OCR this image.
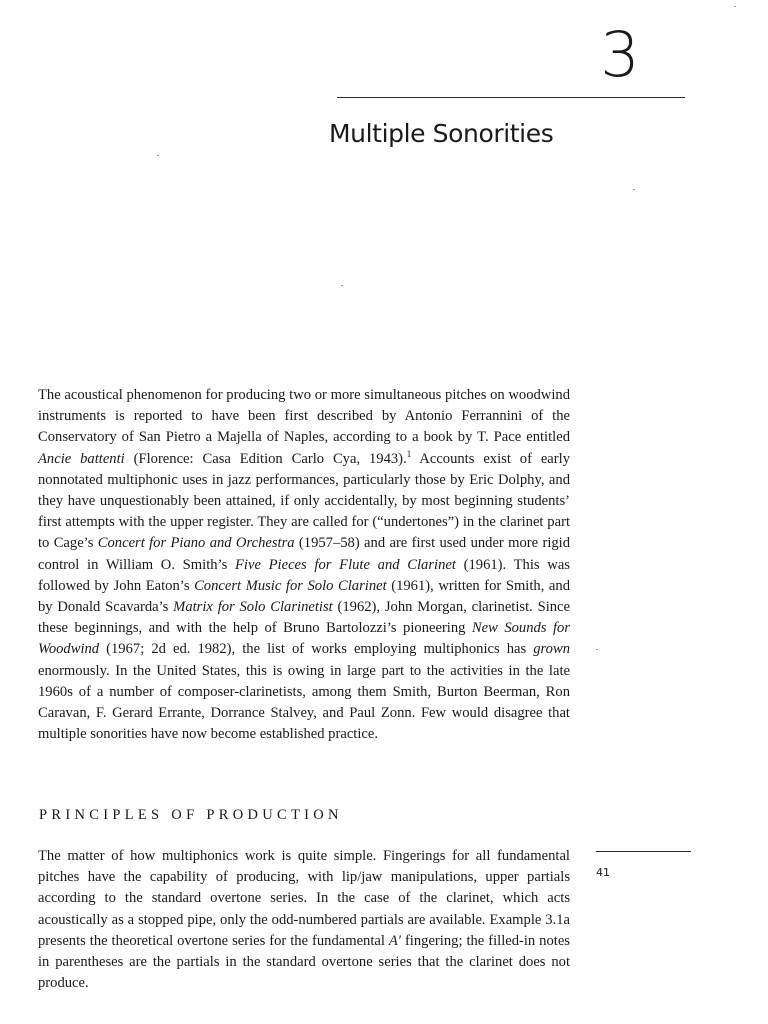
3
Multiple Sonorities

The acoustical phenomenon for producing two or more simultaneous pitches on woodwind instruments is reported to have been first described by Antonio Ferrannini of the Conservatory of San Pietro a Majella of Naples, according to a book by T. Pace entitled Ancie battenti (Florence: Casa Edition Carlo Cya, 1943).$^1$ Accounts exist of early nonnotated multiphonic uses in jazz performances, particularly those by Eric Dolphy, and they have unquestionably been attained, if only accidentally, by most beginning students’ first attempts with the upper register. They are called for (“undertones”) in the clarinet part to Cage’s Concert for Piano and Orchestra (1957–58) and are first used under more rigid control in William O. Smith’s Five Pieces for Flute and Clarinet (1961). This was followed by John Eaton’s Concert Music for Solo Clarinet (1961), written for Smith, and by Donald Scavarda’s Matrix for Solo Clarinetist (1962), John Morgan, clarinetist. Since these beginnings, and with the help of Bruno Bartolozzi’s pioneering New Sounds for Woodwind (1967; 2d ed. 1982), the list of works employing multiphonics has grown enormously. In the United States, this is owing in large part to the activities in the late 1960s of a number of composer-clarinetists, among them Smith, Burton Beerman, Ron Caravan, F. Gerard Errante, Dorrance Stalvey, and Paul Zonn. Few would disagree that multiple sonorities have now become established practice.

PRINCIPLES OF PRODUCTION

The matter of how multiphonics work is quite simple. Fingerings for all fundamental pitches have the capability of producing, with lip/jaw manipulations, upper partials according to the standard overtone series. In the case of the clarinet, which acts acoustically as a stopped pipe, only the odd-numbered partials are available. Example 3.1a presents the theoretical overtone series for the fundamental A′ fingering; the filled-in notes in parentheses are the partials in the standard overtone series that the clarinet does not produce.

41
